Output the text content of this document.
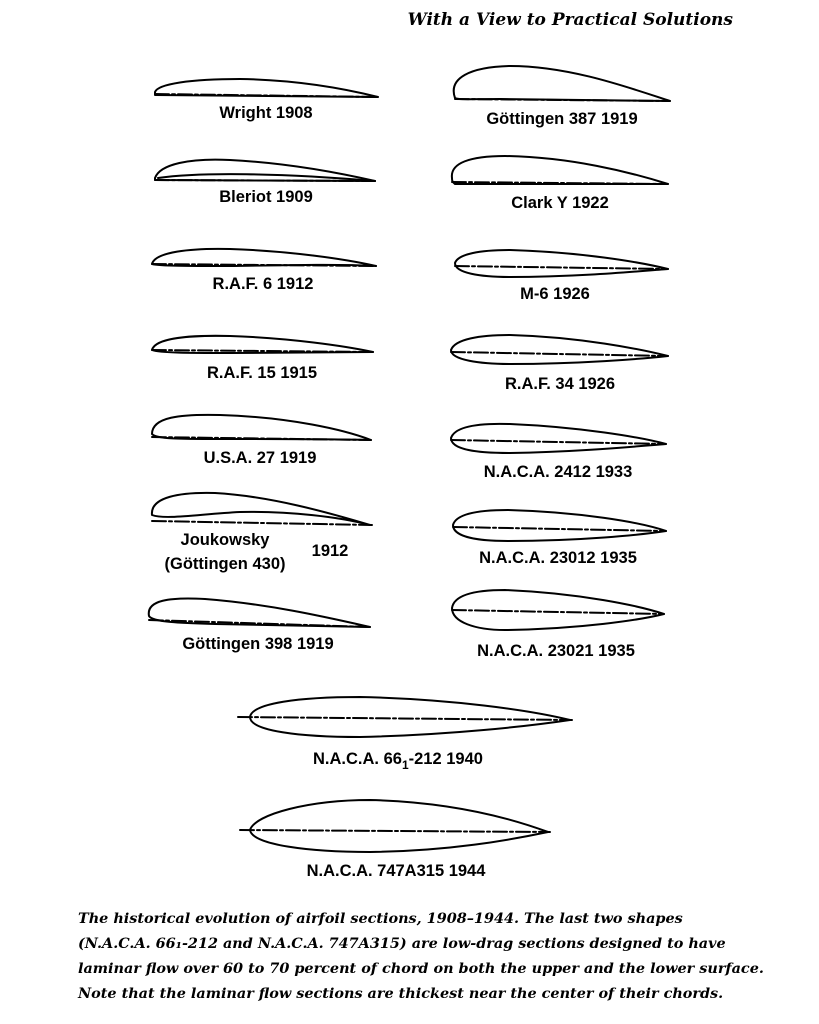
With a View to Practical Solutions
Wright 1908
Bleriot 1909
R.A.F. 6 1912
R.A.F. 15 1915
U.S.A. 27 1919
Joukowsky
(Göttingen 430)
1912
Göttingen 398 1919
Göttingen 387 1919
Clark Y 1922
M-6 1926
R.A.F. 34 1926
N.A.C.A. 2412 1933
N.A.C.A. 23012 1935
N.A.C.A. 23021 1935
N.A.C.A. $66_1-212$ 1940
N.A.C.A. 747A315 1944

The historical evolution of airfoil sections, 1908–1944. The last two shapes

(N.A.C.A. 66₁-212 and N.A.C.A. 747A315) are low-drag sections designed to have

laminar flow over 60 to 70 percent of chord on both the upper and the lower surface.

Note that the laminar flow sections are thickest near the center of their chords.
